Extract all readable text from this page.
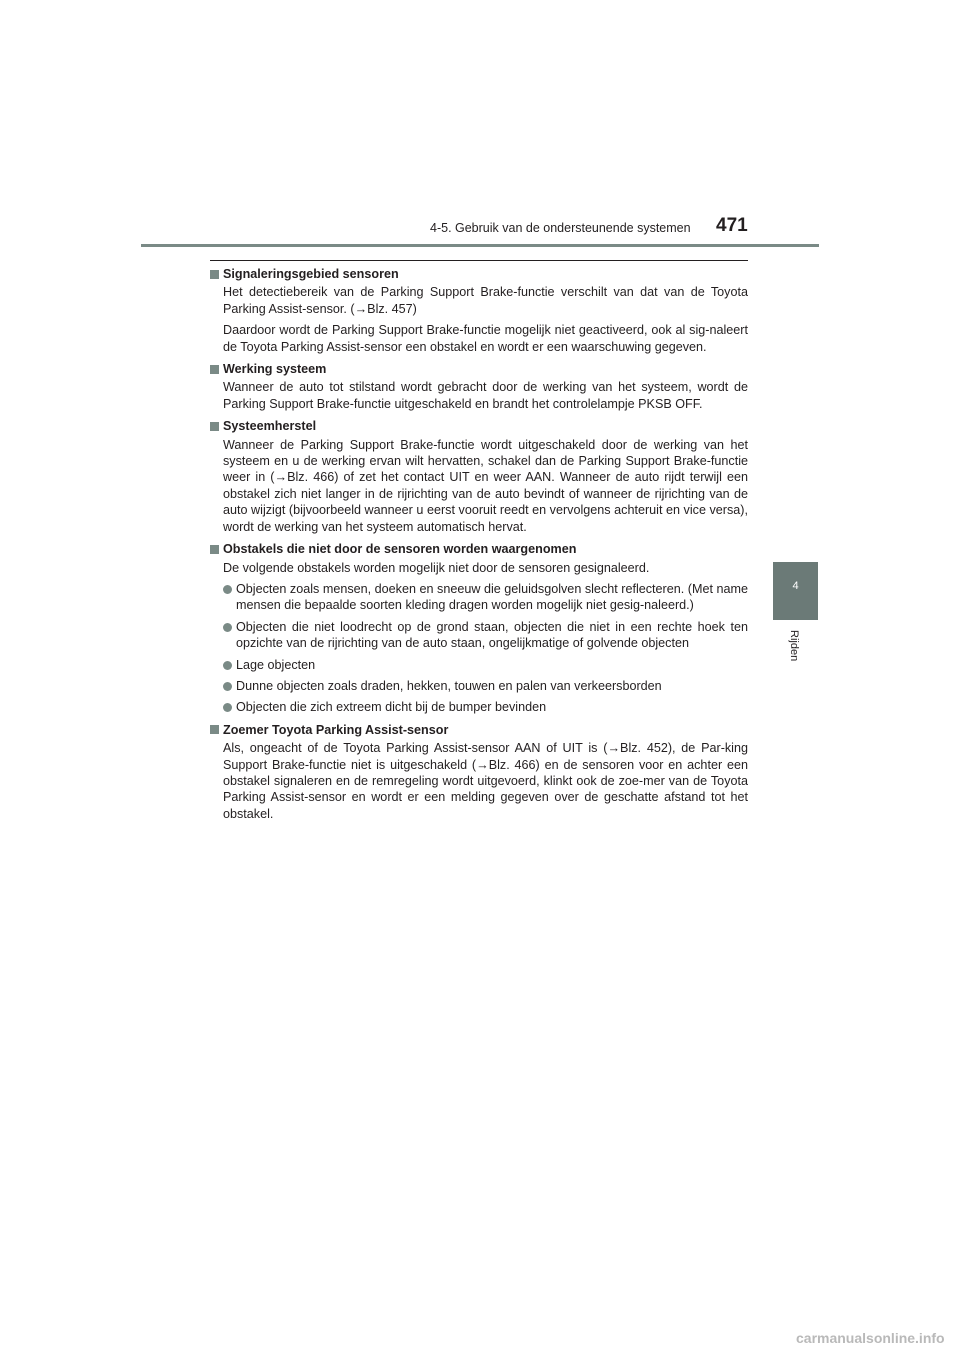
4-5. Gebruik van de ondersteunende systemen 471
4
Rijden
Signaleringsgebied sensoren
Het detectiebereik van de Parking Support Brake-functie verschilt van dat van de Toyota Parking Assist-sensor. (→Blz. 457)
Daardoor wordt de Parking Support Brake-functie mogelijk niet geactiveerd, ook al sig-naleert de Toyota Parking Assist-sensor een obstakel en wordt er een waarschuwing gegeven.
Werking systeem
Wanneer de auto tot stilstand wordt gebracht door de werking van het systeem, wordt de Parking Support Brake-functie uitgeschakeld en brandt het controlelampje PKSB OFF.
Systeemherstel
Wanneer de Parking Support Brake-functie wordt uitgeschakeld door de werking van het systeem en u de werking ervan wilt hervatten, schakel dan de Parking Support Brake-functie weer in (→Blz. 466) of zet het contact UIT en weer AAN. Wanneer de auto rijdt terwijl een obstakel zich niet langer in de rijrichting van de auto bevindt of wanneer de rijrichting van de auto wijzigt (bijvoorbeeld wanneer u eerst vooruit reedt en vervolgens achteruit en vice versa), wordt de werking van het systeem automatisch hervat.
Obstakels die niet door de sensoren worden waargenomen
De volgende obstakels worden mogelijk niet door de sensoren gesignaleerd.
Objecten zoals mensen, doeken en sneeuw die geluidsgolven slecht reflecteren. (Met name mensen die bepaalde soorten kleding dragen worden mogelijk niet gesig-naleerd.)
Objecten die niet loodrecht op de grond staan, objecten die niet in een rechte hoek ten opzichte van de rijrichting van de auto staan, ongelijkmatige of golvende objecten
Lage objecten
Dunne objecten zoals draden, hekken, touwen en palen van verkeersborden
Objecten die zich extreem dicht bij de bumper bevinden
Zoemer Toyota Parking Assist-sensor
Als, ongeacht of de Toyota Parking Assist-sensor AAN of UIT is (→Blz. 452), de Par-king Support Brake-functie niet is uitgeschakeld (→Blz. 466) en de sensoren voor en achter een obstakel signaleren en de remregeling wordt uitgevoerd, klinkt ook de zoe-mer van de Toyota Parking Assist-sensor en wordt er een melding gegeven over de geschatte afstand tot het obstakel.
carmanualsonline.info
